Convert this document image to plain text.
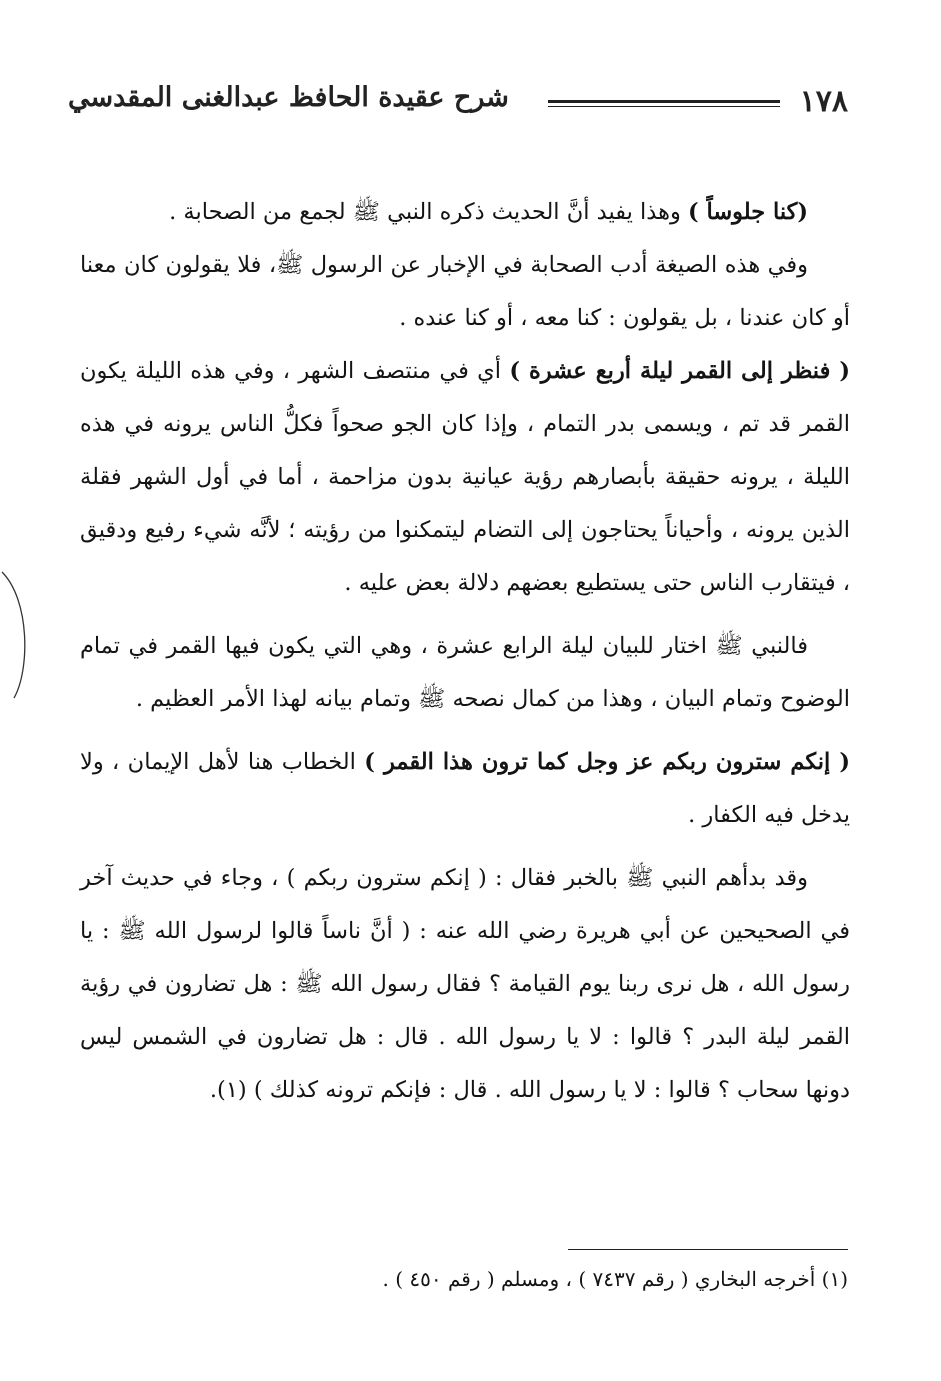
١٧٨
شرح عقيدة الحافظ عبدالغنى المقدسي

(كنا جلوساً ) وهذا يفيد أنَّ الحديث ذكره النبي ﷺ لجمع من الصحابة .

وفي هذه الصيغة أدب الصحابة في الإخبار عن الرسول ﷺ، فلا يقولون كان معنا أو كان عندنا ، بل يقولون : كنا معه ، أو كنا عنده .

( فنظر إلى القمر ليلة أربع عشرة ) أي في منتصف الشهر ، وفي هذه الليلة يكون القمر قد تم ، ويسمى بدر التمام ، وإذا كان الجو صحواً فكلُّ الناس يرونه في هذه الليلة ، يرونه حقيقة بأبصارهم رؤية عيانية بدون مزاحمة ، أما في أول الشهر فقلة الذين يرونه ، وأحياناً يحتاجون إلى التضام ليتمكنوا من رؤيته ؛ لأنَّه شيء رفيع ودقيق ، فيتقارب الناس حتى يستطيع بعضهم دلالة بعض عليه .

فالنبي ﷺ اختار للبيان ليلة الرابع عشرة ، وهي التي يكون فيها القمر في تمام الوضوح وتمام البيان ، وهذا من كمال نصحه ﷺ وتمام بيانه لهذا الأمر العظيم .

( إنكم سترون ربكم عز وجل كما ترون هذا القمر ) الخطاب هنا لأهل الإيمان ، ولا يدخل فيه الكفار .

وقد بدأهم النبي ﷺ بالخبر فقال : ( إنكم سترون ربكم ) ، وجاء في حديث آخر في الصحيحين عن أبي هريرة رضي الله عنه : ( أنَّ ناساً قالوا لرسول الله ﷺ : يا رسول الله ، هل نرى ربنا يوم القيامة ؟ فقال رسول الله ﷺ : هل تضارون في رؤية القمر ليلة البدر ؟ قالوا : لا يا رسول الله . قال : هل تضارون في الشمس ليس دونها سحاب ؟ قالوا : لا يا رسول الله . قال : فإنكم ترونه كذلك ) (١).

(١) أخرجه البخاري ( رقم ٧٤٣٧ ) ، ومسلم ( رقم ٤٥٠ ) .
